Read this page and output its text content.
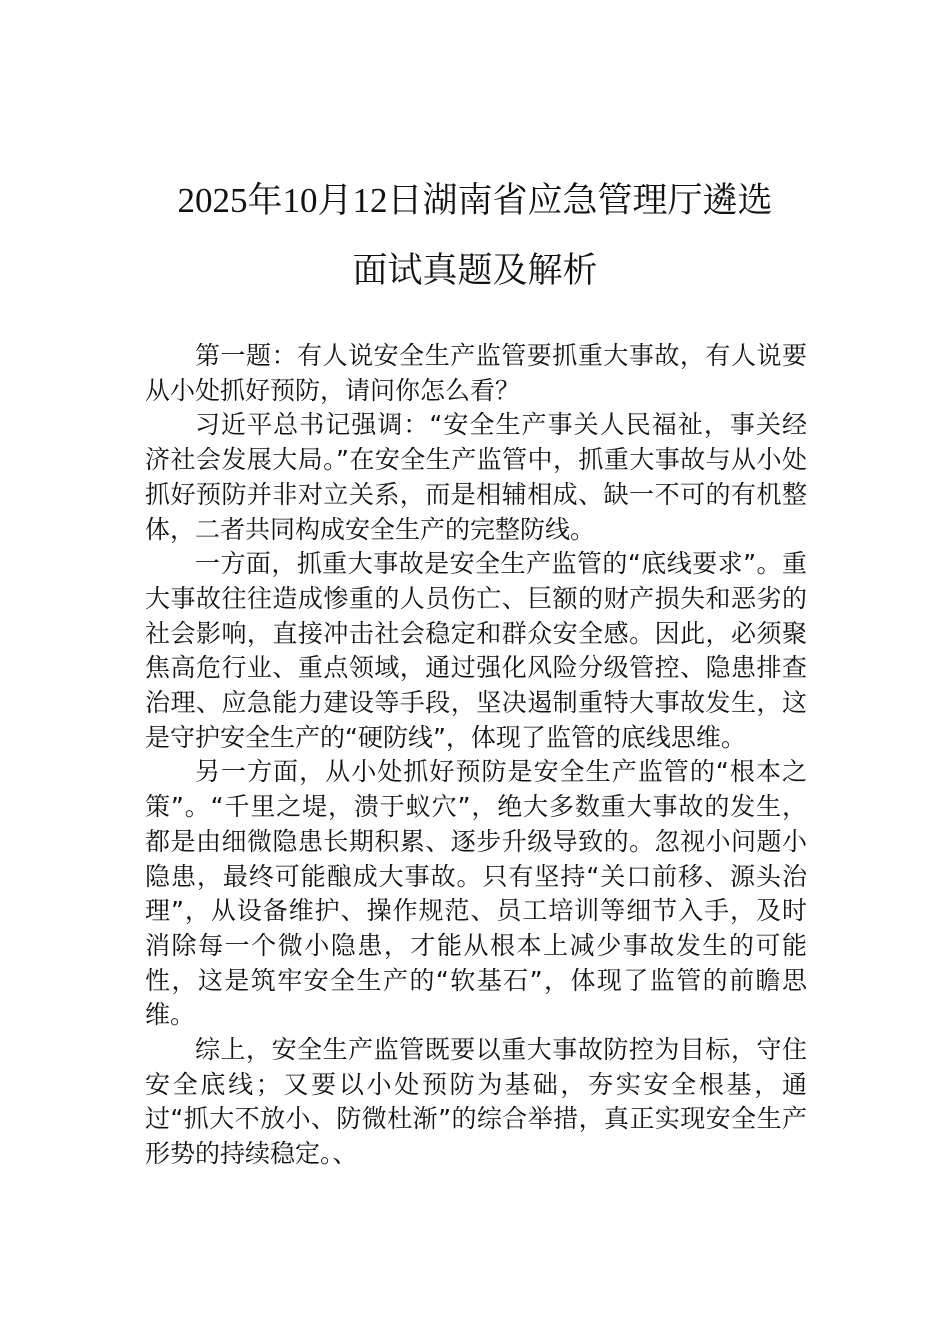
2025年10月12日湖南省应急管理厅遴选
面试真题及解析

第一题：有人说安全生产监管要抓重大事故，有人说要从小处抓好预防，请问你怎么看？

习近平总书记强调：“安全生产事关人民福祉，事关经济社会发展大局。”在安全生产监管中，抓重大事故与从小处抓好预防并非对立关系，而是相辅相成、缺一不可的有机整体，二者共同构成安全生产的完整防线。

一方面，抓重大事故是安全生产监管的“底线要求”。重大事故往往造成惨重的人员伤亡、巨额的财产损失和恶劣的社会影响，直接冲击社会稳定和群众安全感。因此，必须聚焦高危行业、重点领域，通过强化风险分级管控、隐患排查治理、应急能力建设等手段，坚决遏制重特大事故发生，这是守护安全生产的“硬防线”，体现了监管的底线思维。

另一方面，从小处抓好预防是安全生产监管的“根本之策”。“千里之堤，溃于蚁穴”，绝大多数重大事故的发生，都是由细微隐患长期积累、逐步升级导致的。忽视小问题小隐患，最终可能酿成大事故。只有坚持“关口前移、源头治理”，从设备维护、操作规范、员工培训等细节入手，及时消除每一个微小隐患，才能从根本上减少事故发生的可能性，这是筑牢安全生产的“软基石”，体现了监管的前瞻思维。

综上，安全生产监管既要以重大事故防控为目标，守住安全底线；又要以小处预防为基础，夯实安全根基，通过“抓大不放小、防微杜渐”的综合举措，真正实现安全生产形势的持续稳定。、
